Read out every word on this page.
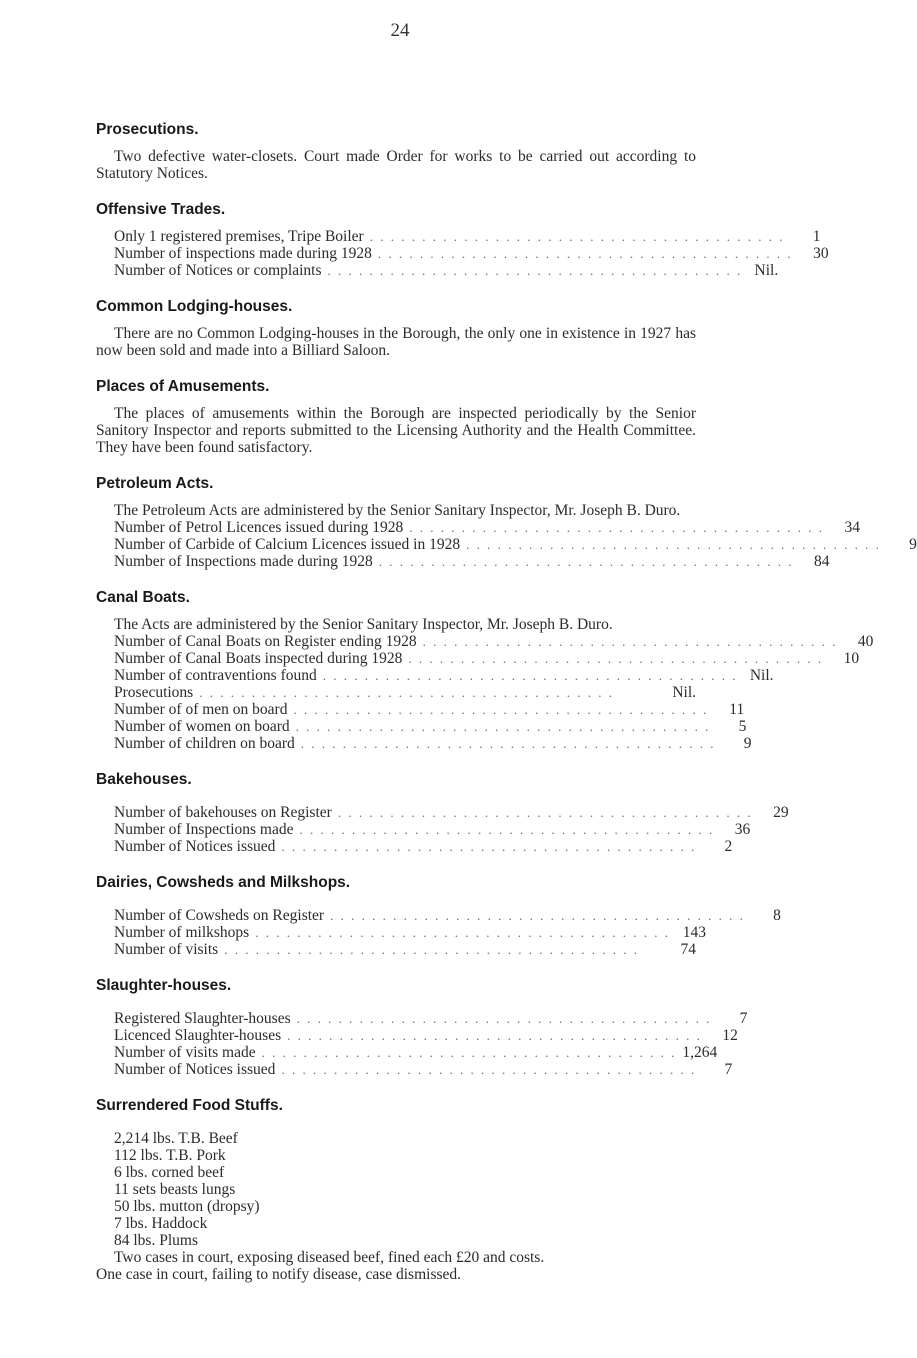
24
Prosecutions.

Two defective water-closets. Court made Order for works to be carried out according to Statutory Notices.

Offensive Trades.
Only 1 registered premises, Tripe Boiler . . . . . . . . . . . . . . . . . . . . . . . . . . . . . . . . . . . . . . . .	1
Number of inspections made during 1928 . . . . . . . . . . . . . . . . . . . . . . . . . . . . . . . . . . . . . . . .	30
Number of Notices or complaints . . . . . . . . . . . . . . . . . . . . . . . . . . . . . . . . . . . . . . . . Nil.
Common Lodging-houses.

There are no Common Lodging-houses in the Borough, the only one in existence in 1927 has now been sold and made into a Billiard Saloon.

Places of Amusements.

The places of amusements within the Borough are inspected periodically by the Senior Sanitory Inspector and reports submitted to the Licensing Authority and the Health Committee. They have been found satisfactory.

Petroleum Acts.

The Petroleum Acts are administered by the Senior Sanitary Inspector, Mr. Joseph B. Duro.

Number of Petrol Licences issued during 1928 . . . . . . . . . . . . . . . . . . . . . . . . . . . . . . . . . . . . . . . .	34
Number of Carbide of Calcium Licences issued in 1928 . . . . . . . . . . . . . . . . . . . . . . . . . . . . . . . . . . . . . . . .	9
Number of Inspections made during 1928 . . . . . . . . . . . . . . . . . . . . . . . . . . . . . . . . . . . . . . . .	84
Canal Boats.

The Acts are administered by the Senior Sanitary Inspector, Mr. Joseph B. Duro.

Number of Canal Boats on Register ending 1928 . . . . . . . . . . . . . . . . . . . . . . . . . . . . . . . . . . . . . . . .	40
Number of Canal Boats inspected during 1928 . . . . . . . . . . . . . . . . . . . . . . . . . . . . . . . . . . . . . . . .	10
Number of contraventions found . . . . . . . . . . . . . . . . . . . . . . . . . . . . . . . . . . . . . . . . Nil.
Prosecutions . . . . . . . . . . . . . . . . . . . . . . . . . . . . . . . . . . . . . . . .	Nil.
Number of of men on board . . . . . . . . . . . . . . . . . . . . . . . . . . . . . . . . . . . . . . . .	11
Number of women on board . . . . . . . . . . . . . . . . . . . . . . . . . . . . . . . . . . . . . . . .	5
Number of children on board . . . . . . . . . . . . . . . . . . . . . . . . . . . . . . . . . . . . . . . .	9
Bakehouses.
Number of bakehouses on Register . . . . . . . . . . . . . . . . . . . . . . . . . . . . . . . . . . . . . . . .	29
Number of Inspections made . . . . . . . . . . . . . . . . . . . . . . . . . . . . . . . . . . . . . . . .	36
Number of Notices issued . . . . . . . . . . . . . . . . . . . . . . . . . . . . . . . . . . . . . . . .	2
Dairies, Cowsheds and Milkshops.
Number of Cowsheds on Register . . . . . . . . . . . . . . . . . . . . . . . . . . . . . . . . . . . . . . . .	8
Number of milkshops . . . . . . . . . . . . . . . . . . . . . . . . . . . . . . . . . . . . . . . . 143
Number of visits . . . . . . . . . . . . . . . . . . . . . . . . . . . . . . . . . . . . . . . .	74
Slaughter-houses.
Registered Slaughter-houses . . . . . . . . . . . . . . . . . . . . . . . . . . . . . . . . . . . . . . . .	7
Licenced Slaughter-houses . . . . . . . . . . . . . . . . . . . . . . . . . . . . . . . . . . . . . . . .	12
Number of visits made . . . . . . . . . . . . . . . . . . . . . . . . . . . . . . . . . . . . . . . . 1,264
Number of Notices issued . . . . . . . . . . . . . . . . . . . . . . . . . . . . . . . . . . . . . . . .	7
Surrendered Food Stuffs.

2,214 lbs. T.B. Beef

112 lbs. T.B. Pork

6 lbs. corned beef

11 sets beasts lungs

50 lbs. mutton (dropsy)

7 lbs. Haddock

84 lbs. Plums

Two cases in court, exposing diseased beef, fined each £20 and costs.

One case in court, failing to notify disease, case dismissed.
